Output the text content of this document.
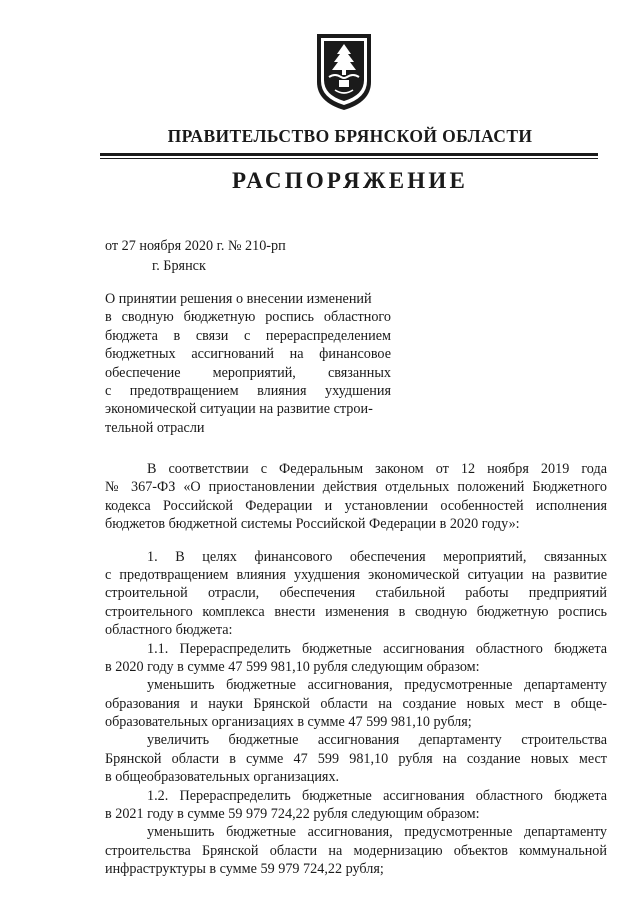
ПРАВИТЕЛЬСТВО БРЯНСКОЙ ОБЛАСТИ
РАСПОРЯЖЕНИЕ
от 27 ноября 2020 г. № 210-рп
г. Брянск
О принятии решения о внесении изменений
в сводную бюджетную роспись областного
бюджета в связи с перераспределением
бюджетных ассигнований на финансовое
обеспечение мероприятий, связанных
с предотвращением влияния ухудшения
экономической ситуации на развитие строи-
тельной отрасли
В соответствии с Федеральным законом от 12 ноября 2019 года
№ 367-ФЗ «О приостановлении действия отдельных положений Бюджетного
кодекса Российской Федерации и установлении особенностей исполнения
бюджетов бюджетной системы Российской Федерации в 2020 году»:
1. В целях финансового обеспечения мероприятий, связанных
с предотвращением влияния ухудшения экономической ситуации на развитие
строительной отрасли, обеспечения стабильной работы предприятий
строительного комплекса внести изменения в сводную бюджетную роспись
областного бюджета:
1.1. Перераспределить бюджетные ассигнования областного бюджета
в 2020 году в сумме 47 599 981,10 рубля следующим образом:
уменьшить бюджетные ассигнования, предусмотренные департаменту
образования и науки Брянской области на создание новых мест в обще-
образовательных организациях в сумме 47 599 981,10 рубля;
увеличить бюджетные ассигнования департаменту строительства
Брянской области в сумме 47 599 981,10 рубля на создание новых мест
в общеобразовательных организациях.
1.2. Перераспределить бюджетные ассигнования областного бюджета
в 2021 году в сумме 59 979 724,22 рубля следующим образом:
уменьшить бюджетные ассигнования, предусмотренные департаменту
строительства Брянской области на модернизацию объектов коммунальной
инфраструктуры в сумме 59 979 724,22 рубля;
